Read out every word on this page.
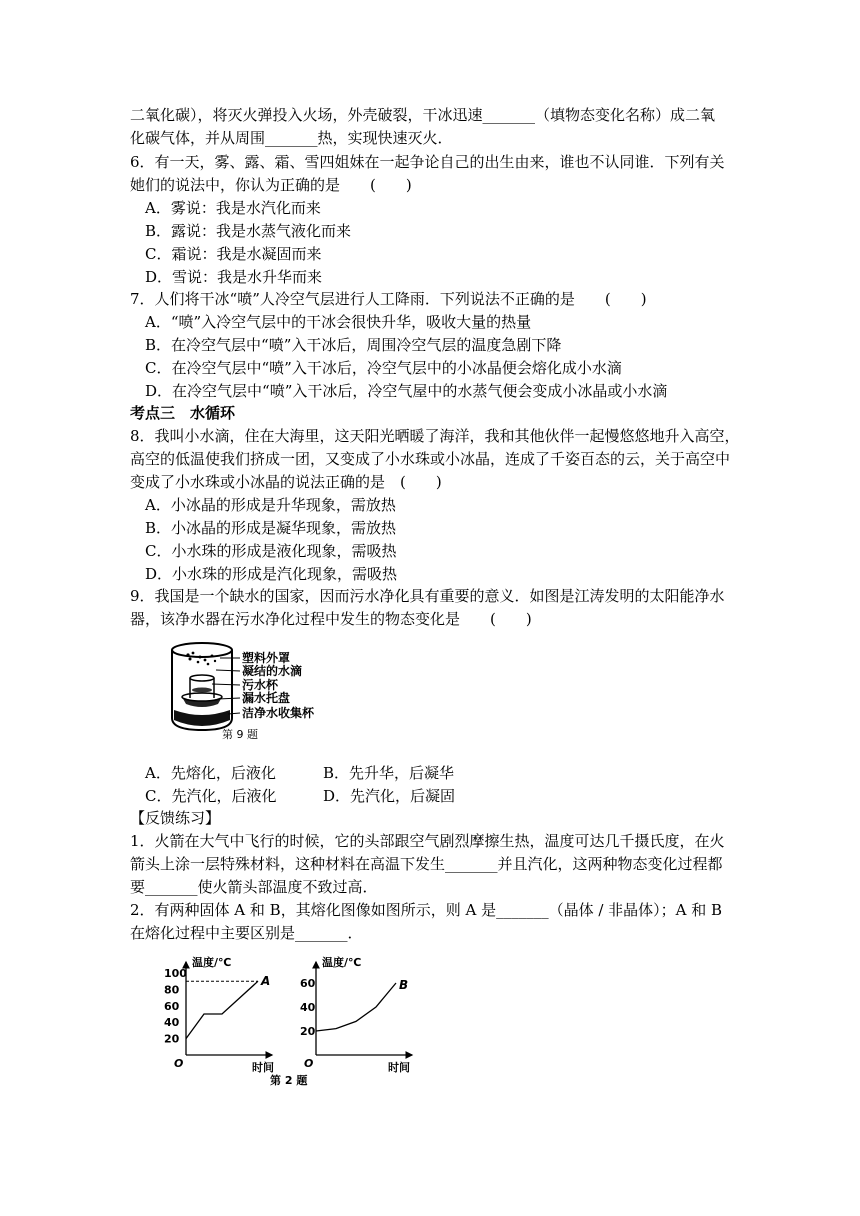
二氧化碳），将灭火弹投入火场，外壳破裂，干冰迅速_______（填物态变化名称）成二氧
化碳气体，并从周围_______热，实现快速灭火．
6．有一天，雾、露、霜、雪四姐妹在一起争论自己的出生由来，谁也不认同谁．下列有关
她们的说法中，你认为正确的是　　(　　)
A．雾说：我是水汽化而来
B．露说：我是水蒸气液化而来
C．霜说：我是水凝固而来
D．雪说：我是水升华而来
7．人们将干冰“喷”人冷空气层进行人工降雨．下列说法不正确的是　　(　　)
A．“喷”入冷空气层中的干冰会很快升华，吸收大量的热量
B．在冷空气层中“喷”入干冰后，周围冷空气层的温度急剧下降
C．在冷空气层中“喷”入干冰后，冷空气层中的小冰晶便会熔化成小水滴
D．在冷空气层中“喷”入干冰后，冷空气屋中的水蒸气便会变成小冰晶或小水滴
考点三　水循环
8．我叫小水滴，住在大海里，这天阳光晒暖了海洋，我和其他伙伴一起慢悠悠地升入高空，
高空的低温使我们挤成一团，又变成了小水珠或小冰晶，连成了千姿百态的云，关于高空中
变成了小水珠或小冰晶的说法正确的是　(　　)
A．小冰晶的形成是升华现象，需放热
B．小冰晶的形成是凝华现象，需放热
C．小水珠的形成是液化现象，需吸热
D．小水珠的形成是汽化现象，需吸热
9．我国是一个缺水的国家，因而污水净化具有重要的意义．如图是江涛发明的太阳能净水
器，该净水器在污水净化过程中发生的物态变化是　　(　　)
塑料外罩
凝结的水滴
污水杯
漏水托盘
洁净水收集杯
第 9 题
A．先熔化，后液化	B．先升华，后凝华
C．先汽化，后液化	D．先汽化，后凝固
【反馈练习】
1．火箭在大气中飞行的时候，它的头部跟空气剧烈摩擦生热，温度可达几千摄氏度，在火
箭头上涂一层特殊材料，这种材料在高温下发生_______并且汽化，这两种物态变化过程都
要_______使火箭头部温度不致过高．
2．有两种固体 A 和 B，其熔化图像如图所示，则 A 是_______（晶体 / 非晶体）；A 和 B
在熔化过程中主要区别是_______．
温度/℃
时间
O
20
40
60
80
100
A
温度/℃
时间
O
20
40
60	B
第 2 题
